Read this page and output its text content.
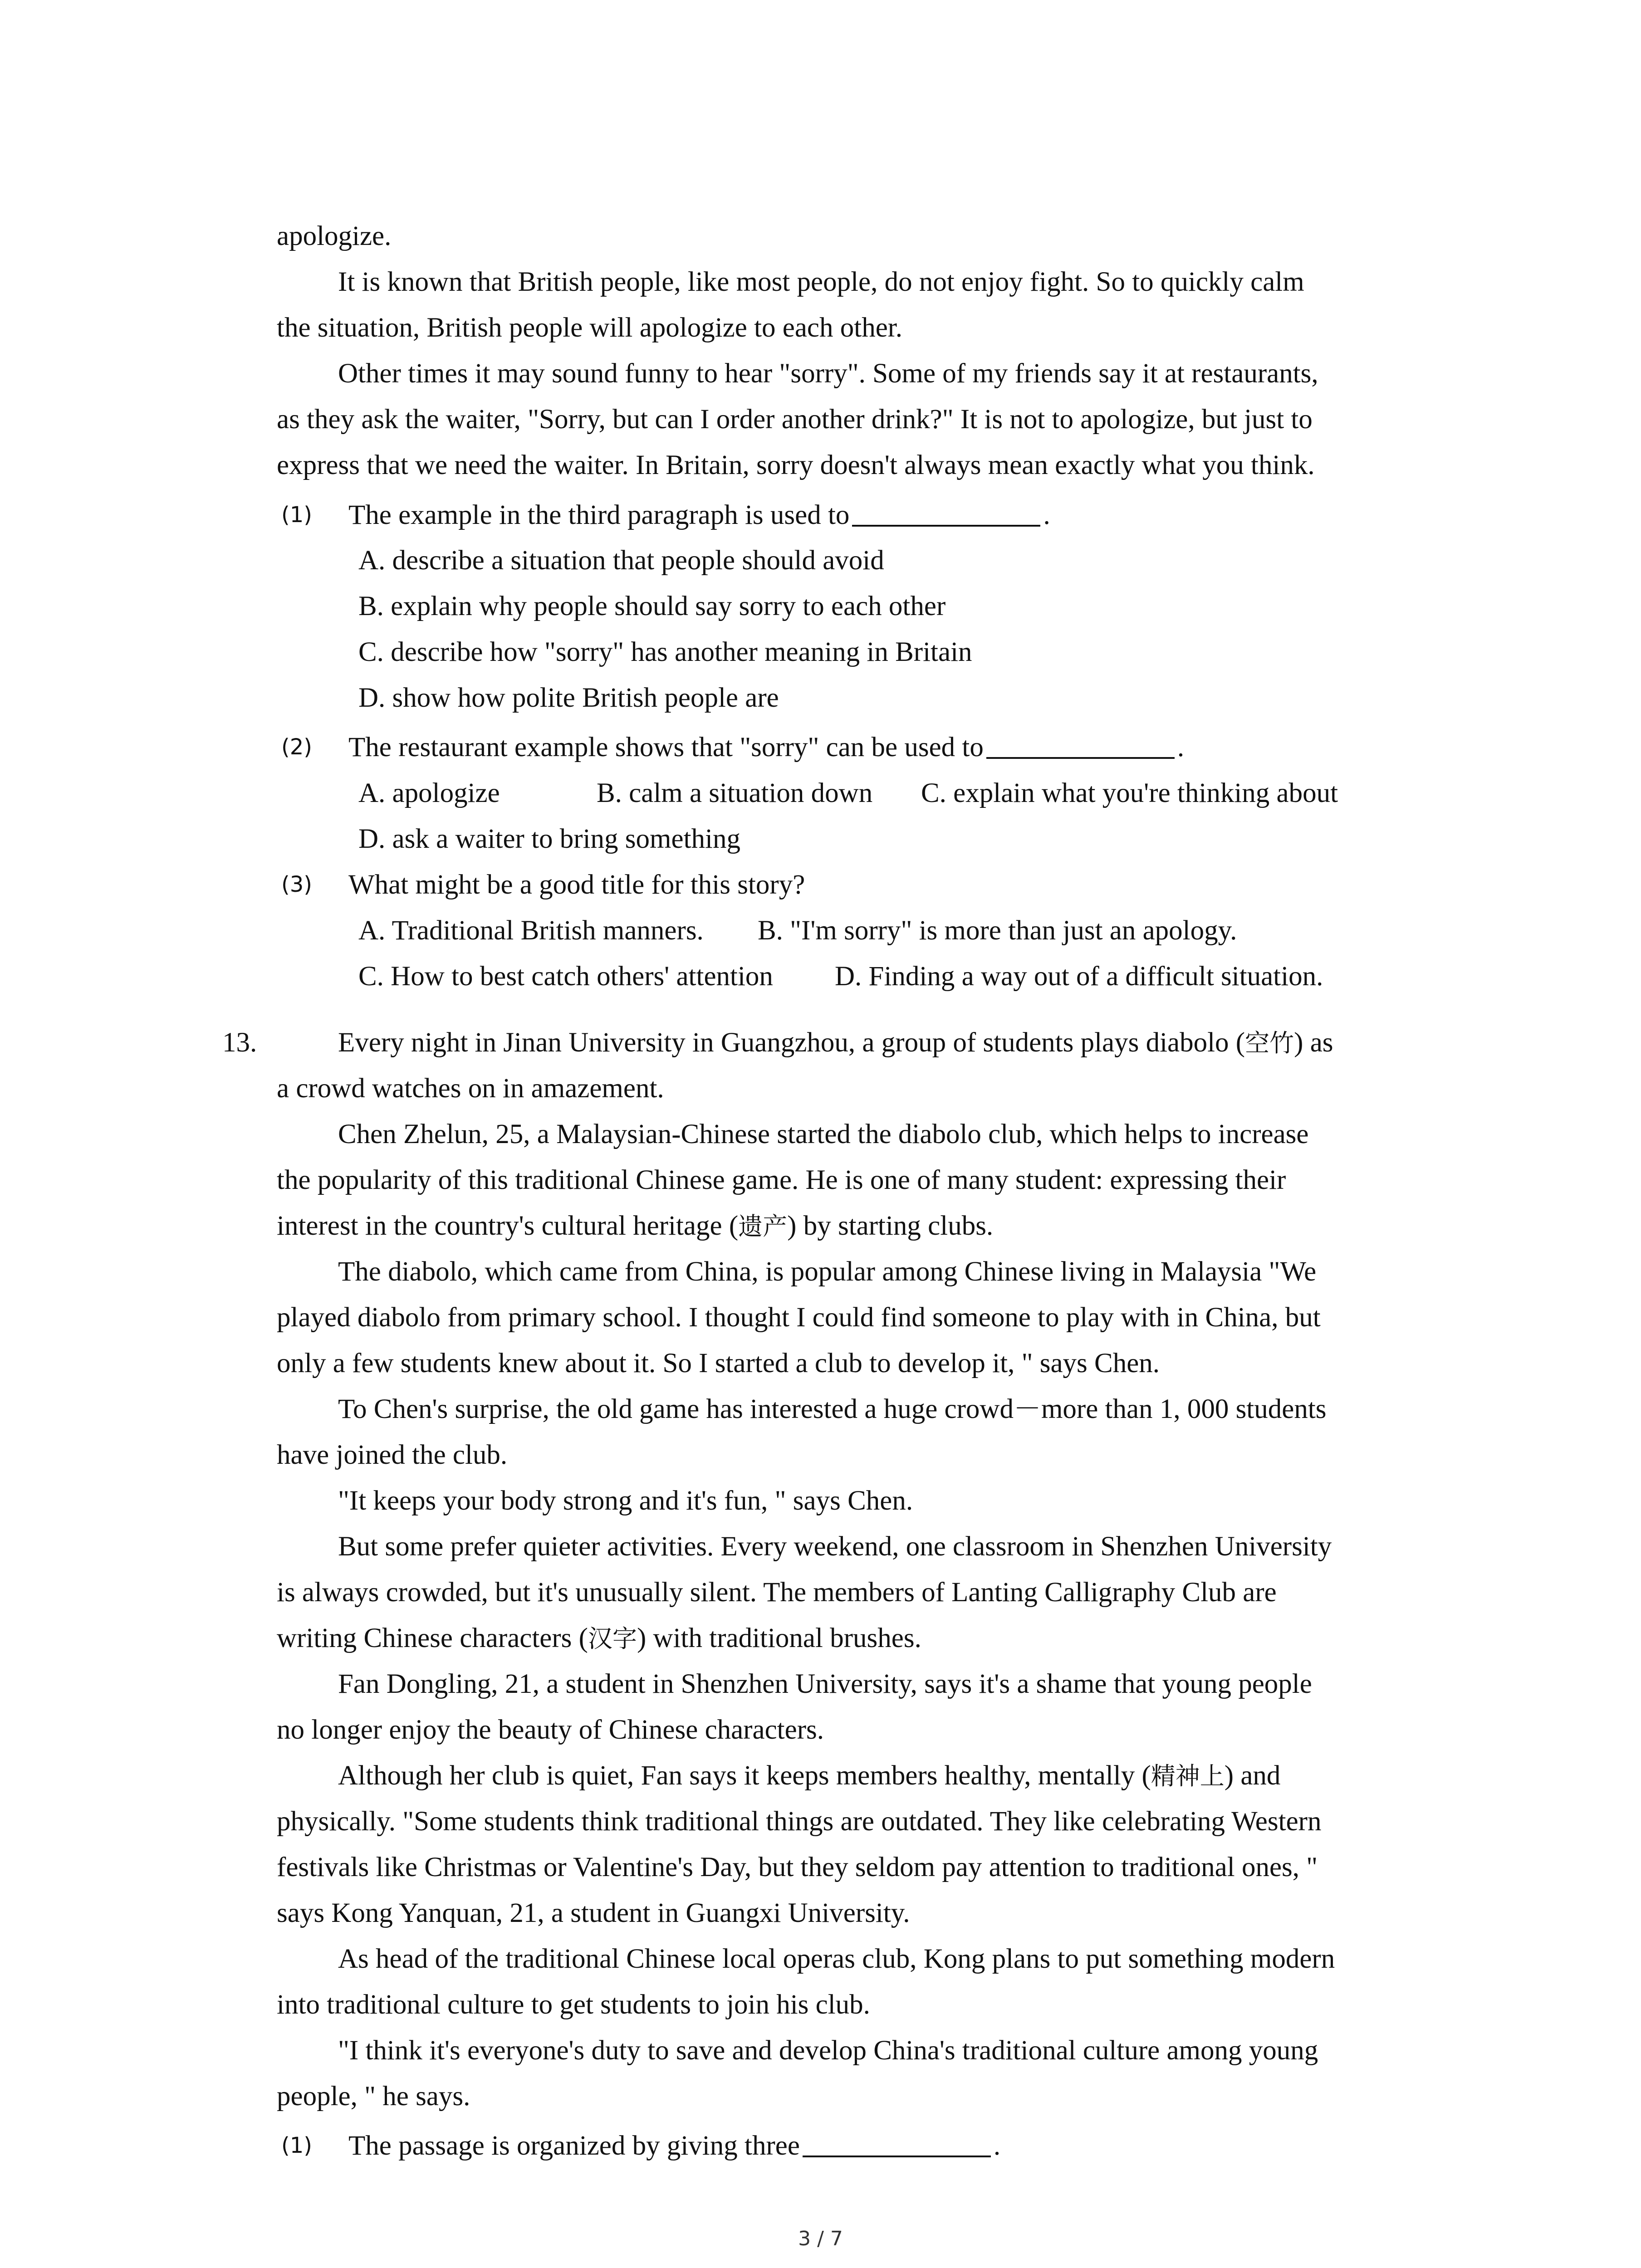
apologize.
It is known that British people, like most people, do not enjoy fight. So to quickly calm
the situation, British people will apologize to each other.
Other times it may sound funny to hear "sorry". Some of my friends say it at restaurants,
as they ask the waiter, "Sorry, but can I order another drink?" It is not to apologize, but just to
express that we need the waiter. In Britain, sorry doesn't always mean exactly what you think.
(1) The example in the third paragraph is used to	.
A. describe a situation that people should avoid
B. explain why people should say sorry to each other
C. describe how "sorry" has another meaning in Britain
D. show how polite British people are
(2) The restaurant example shows that "sorry" can be used to	.
A. apologize	B. calm a situation down C. explain what you're thinking about
D. ask a waiter to bring something
(3) What might be a good title for this story?
A. Traditional British manners. B. "I'm sorry" is more than just an apology.
C. How to best catch others' attention D. Finding a way out of a difficult situation.
13.	Every night in Jinan University in Guangzhou, a group of students plays diabolo (空竹) as
a crowd watches on in amazement.
Chen Zhelun, 25, a Malaysian-Chinese started the diabolo club, which helps to increase
the popularity of this traditional Chinese game. He is one of many student: expressing their
interest in the country's cultural heritage (遗产) by starting clubs.
The diabolo, which came from China, is popular among Chinese living in Malaysia "We
played diabolo from primary school. I thought I could find someone to play with in China, but
only a few students knew about it. So I started a club to develop it, " says Chen.
To Chen's surprise, the old game has interested a huge crowd－more than 1, 000 students
have joined the club.
"It keeps your body strong and it's fun, " says Chen.
But some prefer quieter activities. Every weekend, one classroom in Shenzhen University
is always crowded, but it's unusually silent. The members of Lanting Calligraphy Club are
writing Chinese characters (汉字) with traditional brushes.
Fan Dongling, 21, a student in Shenzhen University, says it's a shame that young people
no longer enjoy the beauty of Chinese characters.
Although her club is quiet, Fan says it keeps members healthy, mentally (精神上) and
physically. "Some students think traditional things are outdated. They like celebrating Western
festivals like Christmas or Valentine's Day, but they seldom pay attention to traditional ones, "
says Kong Yanquan, 21, a student in Guangxi University.
As head of the traditional Chinese local operas club, Kong plans to put something modern
into traditional culture to get students to join his club.
"I think it's everyone's duty to save and develop China's traditional culture among young
people, " he says.
(1) The passage is organized by giving three	.
3 / 7
